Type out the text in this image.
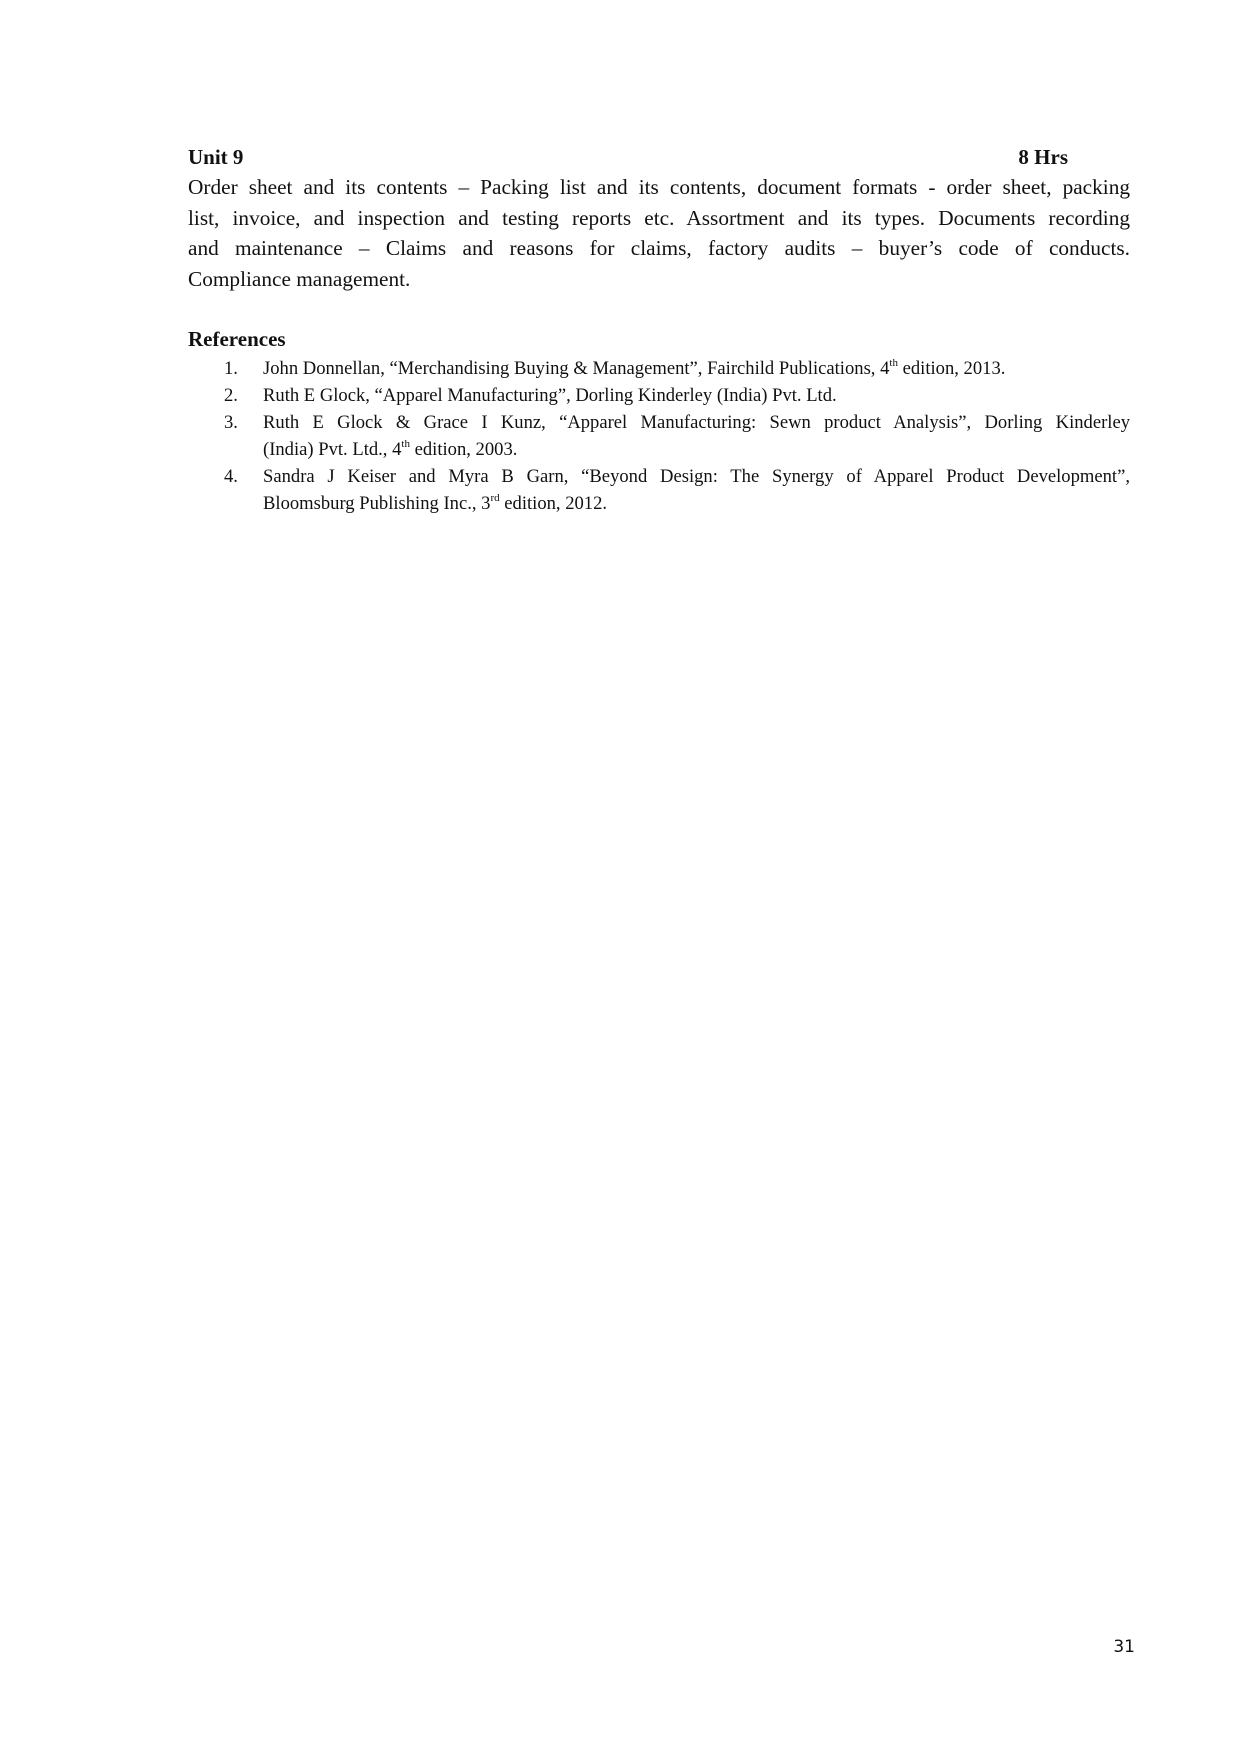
Unit 9	8 Hrs

Order sheet and its contents – Packing list and its contents, document formats - order sheet, packing
list, invoice, and inspection and testing reports etc. Assortment and its types. Documents recording
and maintenance – Claims and reasons for claims, factory audits – buyer’s code of conducts.
Compliance management.

References
1. John Donnellan, “Merchandising Buying & Management”, Fairchild Publications, 4th edition, 2013.
2. Ruth E Glock, “Apparel Manufacturing”, Dorling Kinderley (India) Pvt. Ltd.
3. Ruth E Glock & Grace I Kunz, “Apparel Manufacturing: Sewn product Analysis”, Dorling Kinderley
(India) Pvt. Ltd., 4th edition, 2003.
4. Sandra J Keiser and Myra B Garn, “Beyond Design: The Synergy of Apparel Product Development”,
Bloomsburg Publishing Inc., 3rd edition, 2012.
31
